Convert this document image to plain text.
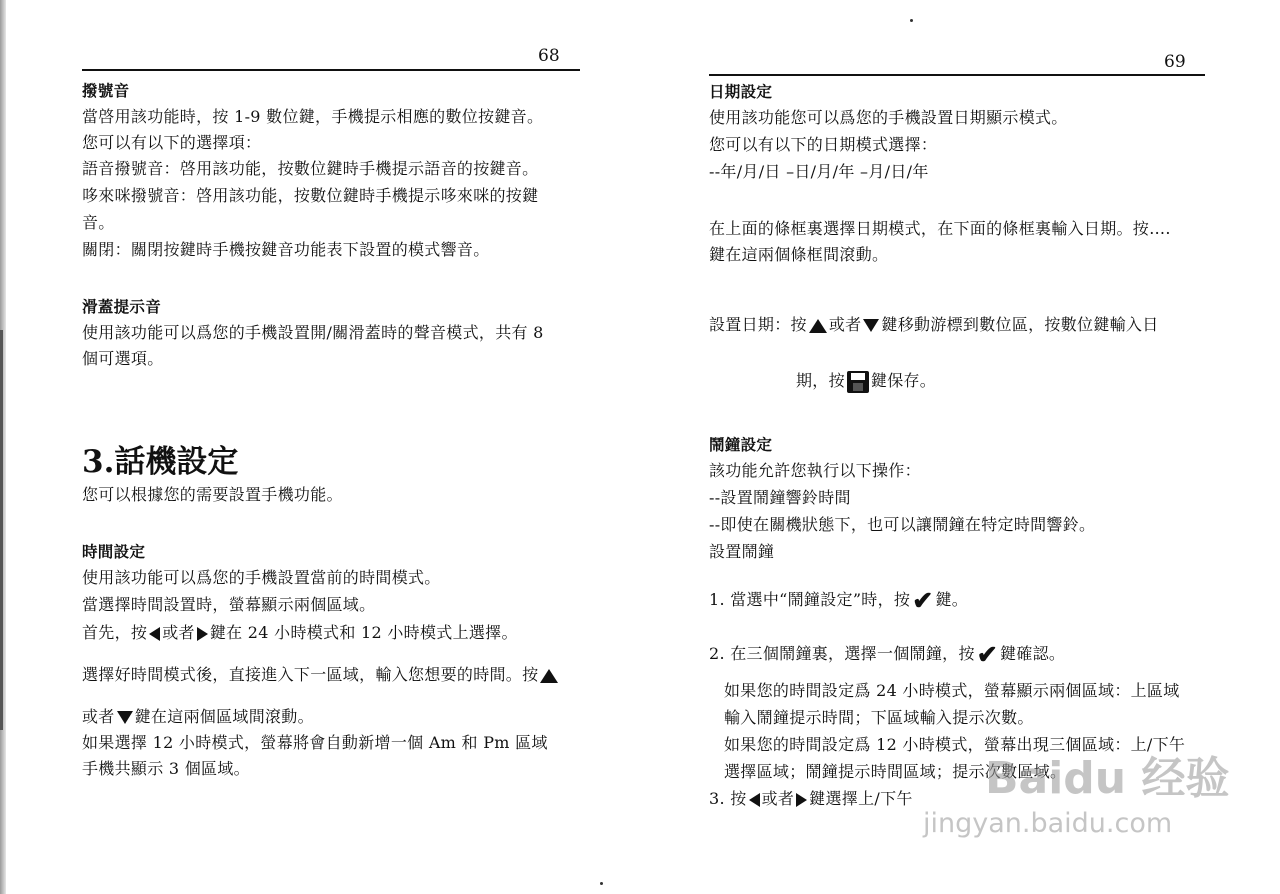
68
撥號音
當啓用該功能時，按 1-9 數位鍵，手機提示相應的數位按鍵音。
您可以有以下的選擇項：
語音撥號音：啓用該功能，按數位鍵時手機提示語音的按鍵音。
哆來咪撥號音：啓用該功能，按數位鍵時手機提示哆來咪的按鍵
音。
關閉：關閉按鍵時手機按鍵音功能表下設置的模式響音。
滑蓋提示音
使用該功能可以爲您的手機設置開/關滑蓋時的聲音模式，共有 8
個可選項。
3.話機設定
您可以根據您的需要設置手機功能。
時間設定
使用該功能可以爲您的手機設置當前的時間模式。
當選擇時間設置時，螢幕顯示兩個區域。
首先，按 或者 鍵在 24 小時模式和 12 小時模式上選擇。
選擇好時間模式後，直接進入下一區域，輸入您想要的時間。按
或者 鍵在這兩個區域間滾動。
如果選擇 12 小時模式，螢幕將會自動新增一個 Am 和 Pm 區域
手機共顯示 3 個區域。
69
日期設定
使用該功能您可以爲您的手機設置日期顯示模式。
您可以有以下的日期模式選擇：
--年/月/日 –日/月/年 –月/日/年
在上面的條框裏選擇日期模式，在下面的條框裏輸入日期。按….
鍵在這兩個條框間滾動。
設置日期：按 或者 鍵移動游標到數位區，按數位鍵輸入日
期，按 鍵保存。
鬧鐘設定
該功能允許您執行以下操作：
--設置鬧鐘響鈴時間
--即使在關機狀態下，也可以讓鬧鐘在特定時間響鈴。
設置鬧鐘
1. 當選中“鬧鐘設定”時，按✔ 鍵。
2. 在三個鬧鐘裏，選擇一個鬧鐘，按✔ 鍵確認。
如果您的時間設定爲 24 小時模式，螢幕顯示兩個區域：上區域
輸入鬧鐘提示時間；下區域輸入提示次數。
如果您的時間設定爲 12 小時模式，螢幕出現三個區域：上/下午
選擇區域；鬧鐘提示時間區域；提示次數區域。
3. 按 或者 鍵選擇上/下午 Baidu 经验
jingyan.baidu.com
